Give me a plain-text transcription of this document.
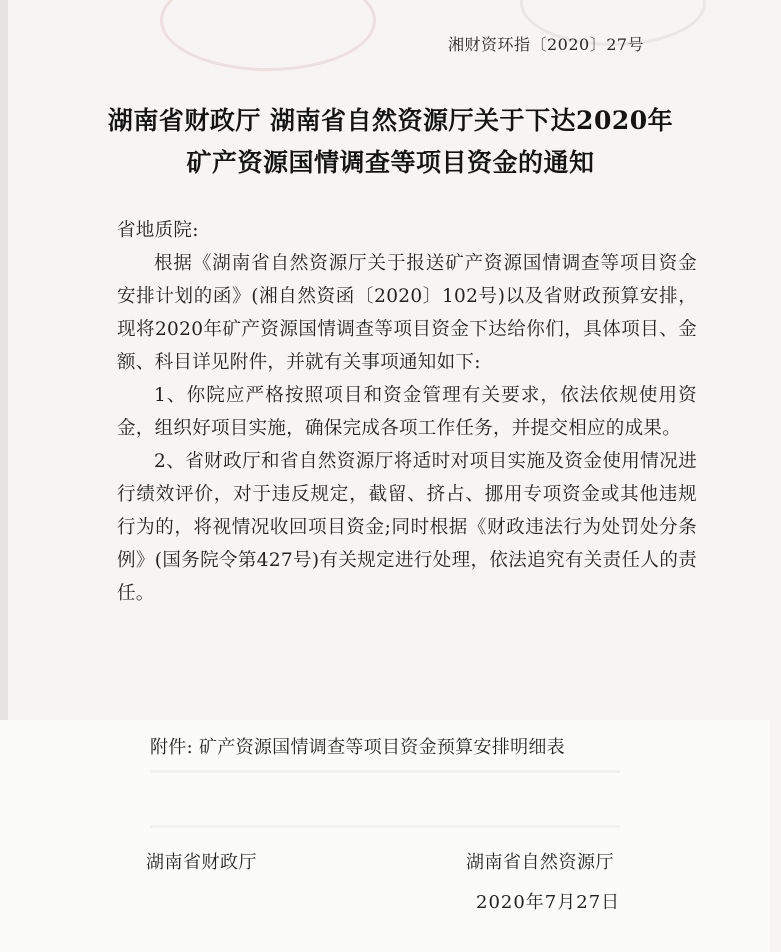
湘财资环指〔2020〕27号
湖南省财政厅 湖南省自然资源厅关于下达2020年
矿产资源国情调查等项目资金的通知

省地质院:

根据《湖南省自然资源厅关于报送矿产资源国情调查等项目资金安排计划的函》(湘自然资函〔2020〕102号)以及省财政预算安排，现将2020年矿产资源国情调查等项目资金下达给你们，具体项目、金额、科目详见附件，并就有关事项通知如下:

1、你院应严格按照项目和资金管理有关要求，依法依规使用资金，组织好项目实施，确保完成各项工作任务，并提交相应的成果。

2、省财政厅和省自然资源厅将适时对项目实施及资金使用情况进行绩效评价，对于违反规定，截留、挤占、挪用专项资金或其他违规行为的，将视情况收回项目资金;同时根据《财政违法行为处罚处分条例》(国务院令第427号)有关规定进行处理，依法追究有关责任人的责任。

附件: 矿产资源国情调查等项目资金预算安排明细表
湖南省财政厅	湖南省自然资源厅
2020年7月27日
